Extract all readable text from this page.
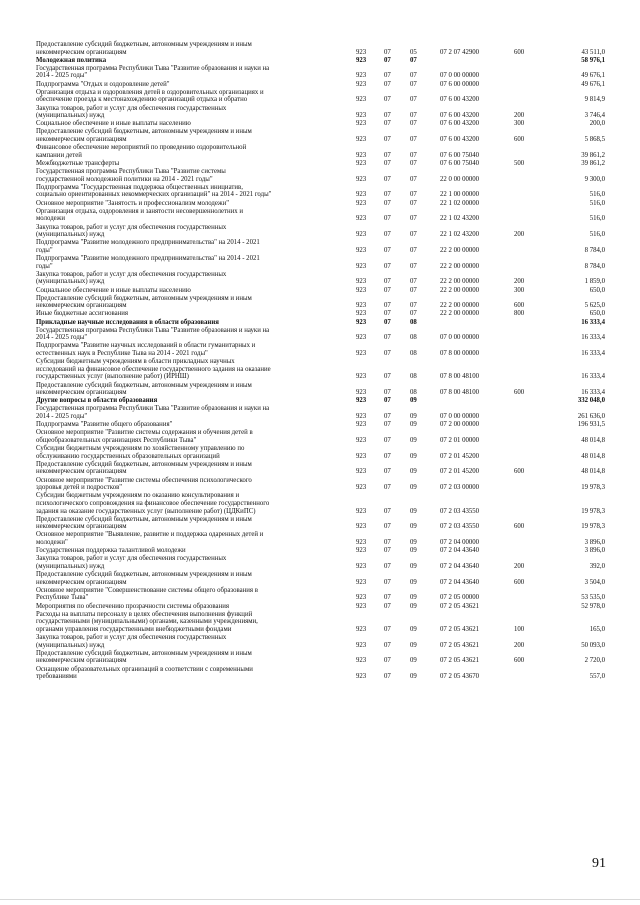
Предоставление субсидий бюджетным, автономным учреждениям и иным
некоммерческим организациям	923	07	05	07 2 07 42900	600	43 511,0
Молодежная политика	923	07	07	58 976,1
Государственная программа Республики Тыва "Развитие образования и науки на
2014 - 2025 годы"	923	07	07	07 0 00 00000	49 676,1
Подпрограмма "Отдых и оздоровление детей"	923	07	07	07 6 00 00000	49 676,1
Организация отдыха и оздоровления детей в оздоровительных организациях и
обеспечение проезда к местонахождению организаций отдыха и обратно	923	07	07	07 6 00 43200	9 814,9
Закупка товаров, работ и услуг для обеспечения государственных
(муниципальных) нужд	923	07	07	07 6 00 43200	200	3 746,4
Социальное обеспечение и иные выплаты населению	923	07	07	07 6 00 43200	300	200,0
Предоставление субсидий бюджетным, автономным учреждениям и иным
некоммерческим организациям	923	07	07	07 6 00 43200	600	5 868,5
Финансовое обеспечение мероприятий по проведению оздоровительной
кампании детей	923	07	07	07 6 00 75040	39 861,2
Межбюджетные трансферты	923	07	07	07 6 00 75040	500	39 861,2
Государственная программа Республики Тыва "Развитие системы
государственной молодежной политики на 2014 - 2021 годы"	923	07	07	22 0 00 00000	9 300,0
Подпрограмма "Государственная поддержка общественных инициатив,
социально ориентированных некоммерческих организаций" на 2014 - 2021 годы"	923	07	07	22 1 00 00000	516,0
Основное мероприятие "Занятость и профессионализм молодежи"	923	07	07	22 1 02 00000	516,0
Организация отдыха, оздоровления и занятости несовершеннолетних и
молодежи	923	07	07	22 1 02 43200	516,0
Закупка товаров, работ и услуг для обеспечения государственных
(муниципальных) нужд	923	07	07	22 1 02 43200	200	516,0
Подпрограмма "Развитие молодежного предпринимательства" на 2014 - 2021
годы"	923	07	07	22 2 00 00000	8 784,0
Подпрограмма "Развитие молодежного предпринимательства" на 2014 - 2021
годы"	923	07	07	22 2 00 00000	8 784,0
Закупка товаров, работ и услуг для обеспечения государственных
(муниципальных) нужд	923	07	07	22 2 00 00000	200	1 859,0
Социальное обеспечение и иные выплаты населению	923	07	07	22 2 00 00000	300	650,0
Предоставление субсидий бюджетным, автономным учреждениям и иным
некоммерческим организациям	923	07	07	22 2 00 00000	600	5 625,0
Иные бюджетные ассигнования	923	07	07	22 2 00 00000	800	650,0
Прикладные научные исследования в области образования	923	07	08	16 333,4
Государственная программа Республики Тыва "Развитие образования и науки на
2014 - 2025 годы"	923	07	08	07 0 00 00000	16 333,4
Подпрограмма "Развитие научных исследований в области гуманитарных и
естественных наук в Республике Тыва на 2014 - 2021 годы"	923	07	08	07 8 00 00000	16 333,4
Субсидии бюджетным учреждениям в области прикладных научных
исследований на финансовое обеспечение государственного задания на оказание
государственных услуг (выполнение работ) (ИРНШ)	923	07	08	07 8 00 48100	16 333,4
Предоставление субсидий бюджетным, автономным учреждениям и иным
некоммерческим организациям	923	07	08	07 8 00 48100	600	16 333,4
Другие вопросы в области образования	923	07	09	332 048,0
Государственная программа Республики Тыва "Развитие образования и науки на
2014 - 2025 годы"	923	07	09	07 0 00 00000	261 636,0
Подпрограмма "Развитие общего образования"	923	07	09	07 2 00 00000	196 931,5
Основное мероприятие "Развитие системы содержания и обучения детей в
общеобразовательных организациях Республики Тыва"	923	07	09	07 2 01 00000	48 014,8
Субсидии бюджетным учреждениям по хозяйственному управлению по
обслуживанию государственных образовательных организаций	923	07	09	07 2 01 45200	48 014,8
Предоставление субсидий бюджетным, автономным учреждениям и иным
некоммерческим организациям	923	07	09	07 2 01 45200	600	48 014,8
Основное мероприятие "Развитие системы обеспечения психологического
здоровья детей и подростков"	923	07	09	07 2 03 00000	19 978,3
Субсидии бюджетным учреждениям по оказанию консультирования и
психологического сопровождения на финансовое обеспечение государственного
задания на оказание государственных услуг (выполнение работ) (ЦДКиПС)	923	07	09	07 2 03 43550	19 978,3
Предоставление субсидий бюджетным, автономным учреждениям и иным
некоммерческим организациям	923	07	09	07 2 03 43550	600	19 978,3
Основное мероприятие "Выявление, развитие и поддержка одаренных детей и
молодежи"	923	07	09	07 2 04 00000	3 896,0
Государственная поддержка талантливой молодежи	923	07	09	07 2 04 43640	3 896,0
Закупка товаров, работ и услуг для обеспечения государственных
(муниципальных) нужд	923	07	09	07 2 04 43640	200	392,0
Предоставление субсидий бюджетным, автономным учреждениям и иным
некоммерческим организациям	923	07	09	07 2 04 43640	600	3 504,0
Основное мероприятие "Совершенствование системы общего образования в
Республике Тыва"	923	07	09	07 2 05 00000	53 535,0
Мероприятия по обеспечению прозрачности системы образования	923	07	09	07 2 05 43621	52 978,0
Расходы на выплаты персоналу в целях обеспечения выполнения функций
государственными (муниципальными) органами, казенными учреждениями,
органами управления государственными внебюджетными фондами	923	07	09	07 2 05 43621	100	165,0
Закупка товаров, работ и услуг для обеспечения государственных
(муниципальных) нужд	923	07	09	07 2 05 43621	200	50 093,0
Предоставление субсидий бюджетным, автономным учреждениям и иным
некоммерческим организациям	923	07	09	07 2 05 43621	600	2 720,0
Оснащение образовательных организаций в соответствии с современными
требованиями	923	07	09	07 2 05 43670	557,0
91
